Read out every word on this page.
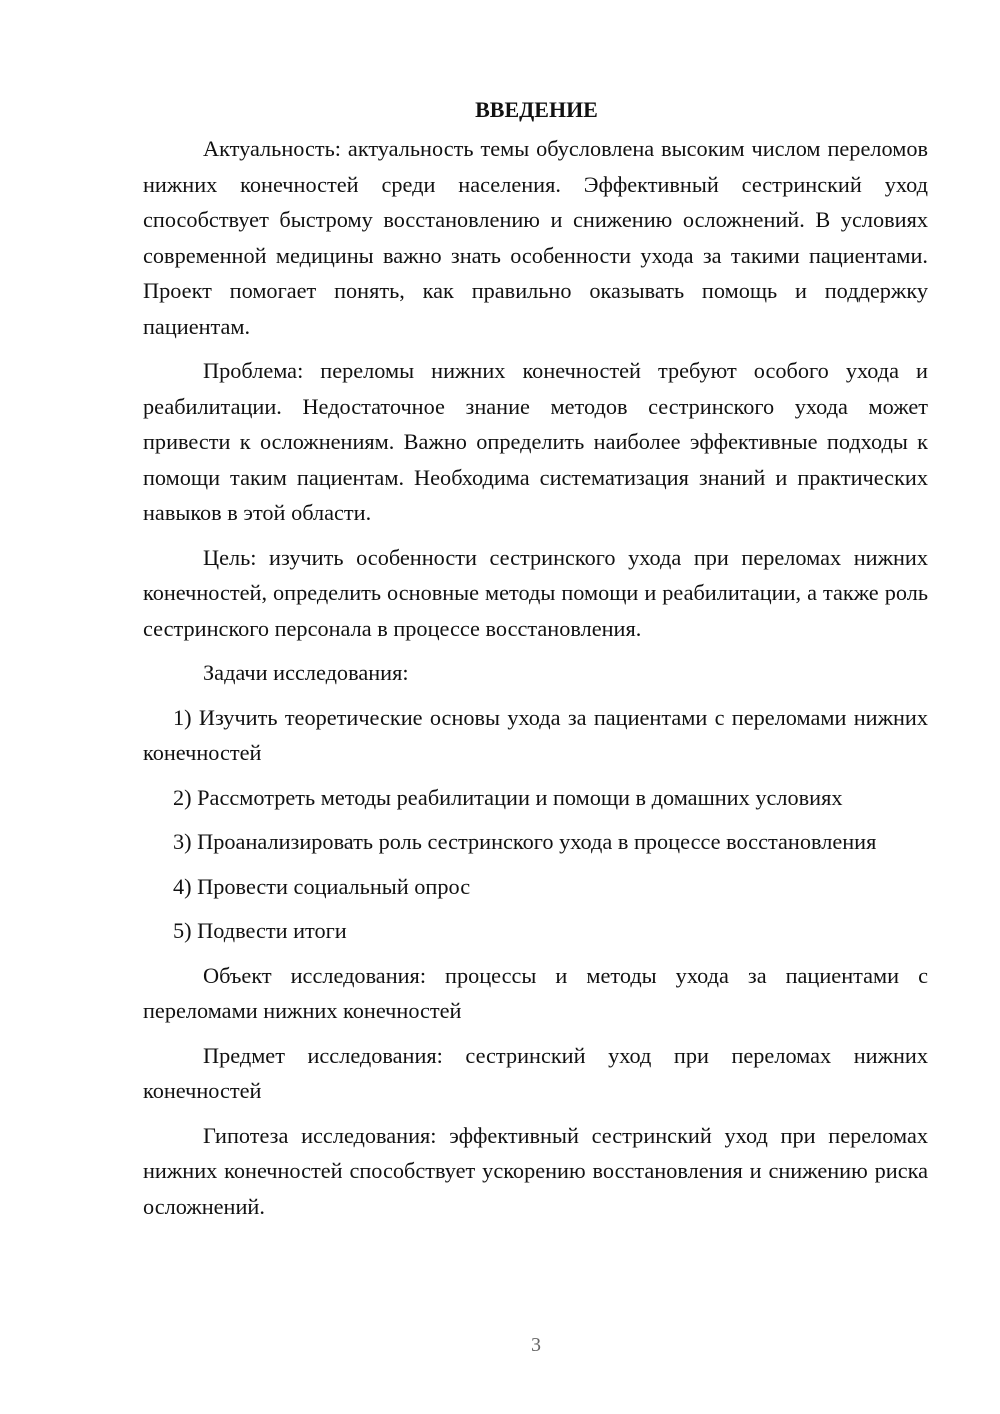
ВВЕДЕНИЕ

Актуальность: актуальность темы обусловлена высоким числом переломов нижних конечностей среди населения. Эффективный сестринский уход способствует быстрому восстановлению и снижению осложнений. В условиях современной медицины важно знать особенности ухода за такими пациентами. Проект помогает понять, как правильно оказывать помощь и поддержку пациентам.

Проблема: переломы нижних конечностей требуют особого ухода и реабилитации. Недостаточное знание методов сестринского ухода может привести к осложнениям. Важно определить наиболее эффективные подходы к помощи таким пациентам. Необходима систематизация знаний и практических навыков в этой области.

Цель: изучить особенности сестринского ухода при переломах нижних конечностей, определить основные методы помощи и реабилитации, а также роль сестринского персонала в процессе восстановления.

Задачи исследования:

1) Изучить теоретические основы ухода за пациентами с переломами нижних конечностей

2) Рассмотреть методы реабилитации и помощи в домашних условиях

3) Проанализировать роль сестринского ухода в процессе восстановления

4) Провести социальный опрос

5) Подвести итоги

Объект исследования: процессы и методы ухода за пациентами с переломами нижних конечностей

Предмет исследования: сестринский уход при переломах нижних конечностей

Гипотеза исследования: эффективный сестринский уход при переломах нижних конечностей способствует ускорению восстановления и снижению риска осложнений.

3
